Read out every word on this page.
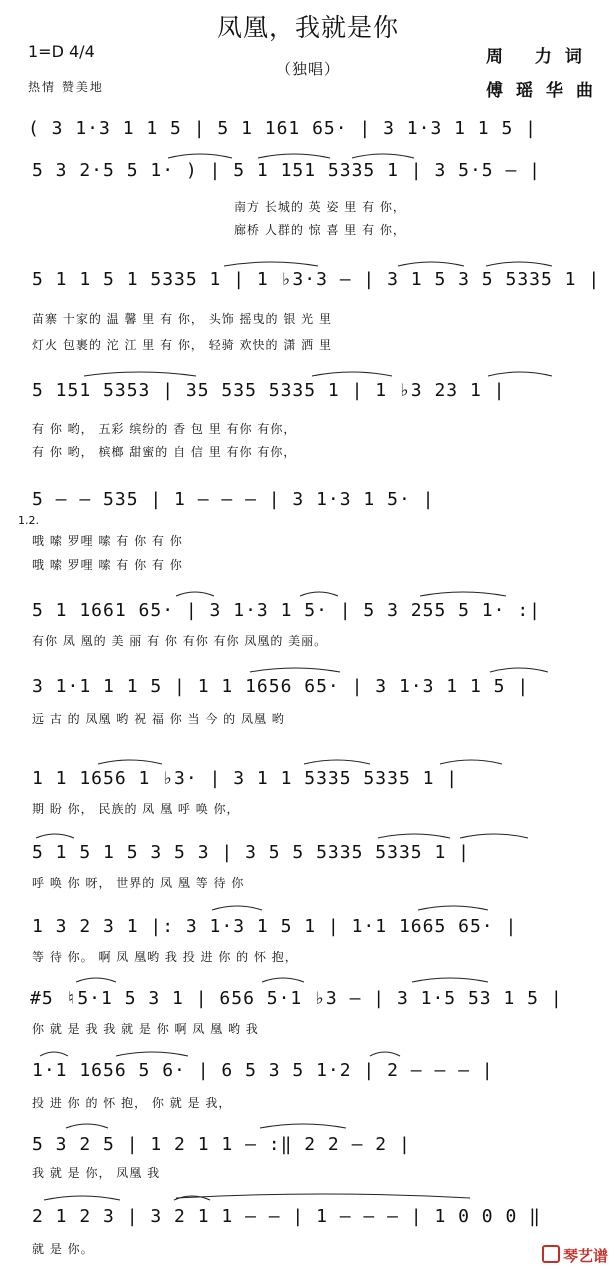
凤凰，我就是你
（独唱）
1=D 4/4
热情 赞美地
周 力词
傅瑶华曲
( 3 1·3 1 1 5 | 5 1 161 65· | 3 1·3 1 1 5 |
5 3 2·5 5 1· ) | 5 1 151 5335 1 | 3 5·5 — |
南方 长城的 英 姿 里 有 你，
廊桥 人群的 惊 喜 里 有 你，
5 1 1 5 1 5335 1 | 1 ♭3·3 — | 3 1 5 3 5 5335 1 |
苗寨 十家的 温 馨 里 有 你， 头饰 摇曳的 银 光 里
灯火 包裹的 沱 江 里 有 你， 轻骑 欢快的 潇 洒 里
5 151 5353 | 35 535 5335 1 | 1 ♭3 23 1 |
有 你 哟， 五彩 缤纷的 香 包 里 有你 有你，
有 你 哟， 槟榔 甜蜜的 自 信 里 有你 有你，
5 — — 535 | 1 — — — | 3 1·3 1 5· |
1.2.
哦 嗦 罗哩 嗦 有 你 有 你
哦 嗦 罗哩 嗦 有 你 有 你
5 1 1661 65· | 3 1·3 1 5· | 5 3 255 5 1· :|
有你 凤 凰的 美 丽 有 你 有你 有你 凤凰的 美丽。
3 1·1 1 1 5 | 1 1 1656 65· | 3 1·3 1 1 5 |
远 古 的 凤凰 哟 祝 福 你 当 今 的 凤凰 哟
1 1 1656 1 ♭3· | 3 1 1 5335 5335 1 |
期 盼 你， 民族的 凤 凰 呼 唤 你，
5 1 5 1 5 3 5 3 | 3 5 5 5335 5335 1 |
呼 唤 你 呀， 世界的 凤 凰 等 待 你
1 3 2 3 1 |: 3 1·3 1 5 1 | 1·1 1665 65· |
等 待 你。 啊 凤 凰哟 我 投 进 你 的 怀 抱，
#5 ♮5·1 5 3 1 | 656 5·1 ♭3 — | 3 1·5 53 1 5 |
你 就 是 我 我 就 是 你 啊 凤 凰 哟 我
1·1 1656 5 6· | 6 5 3 5 1·2 | 2 — — — |
投 进 你 的 怀 抱， 你 就 是 我，
5 3 2 5 | 1 2 1 1 — :‖ 2 2 — 2 |
我 就 是 你， 凤凰 我
2 1 2 3 | 3 2 1 1 — — | 1 — — — | 1 0 0 0 ‖
就 是 你。	琴艺谱
